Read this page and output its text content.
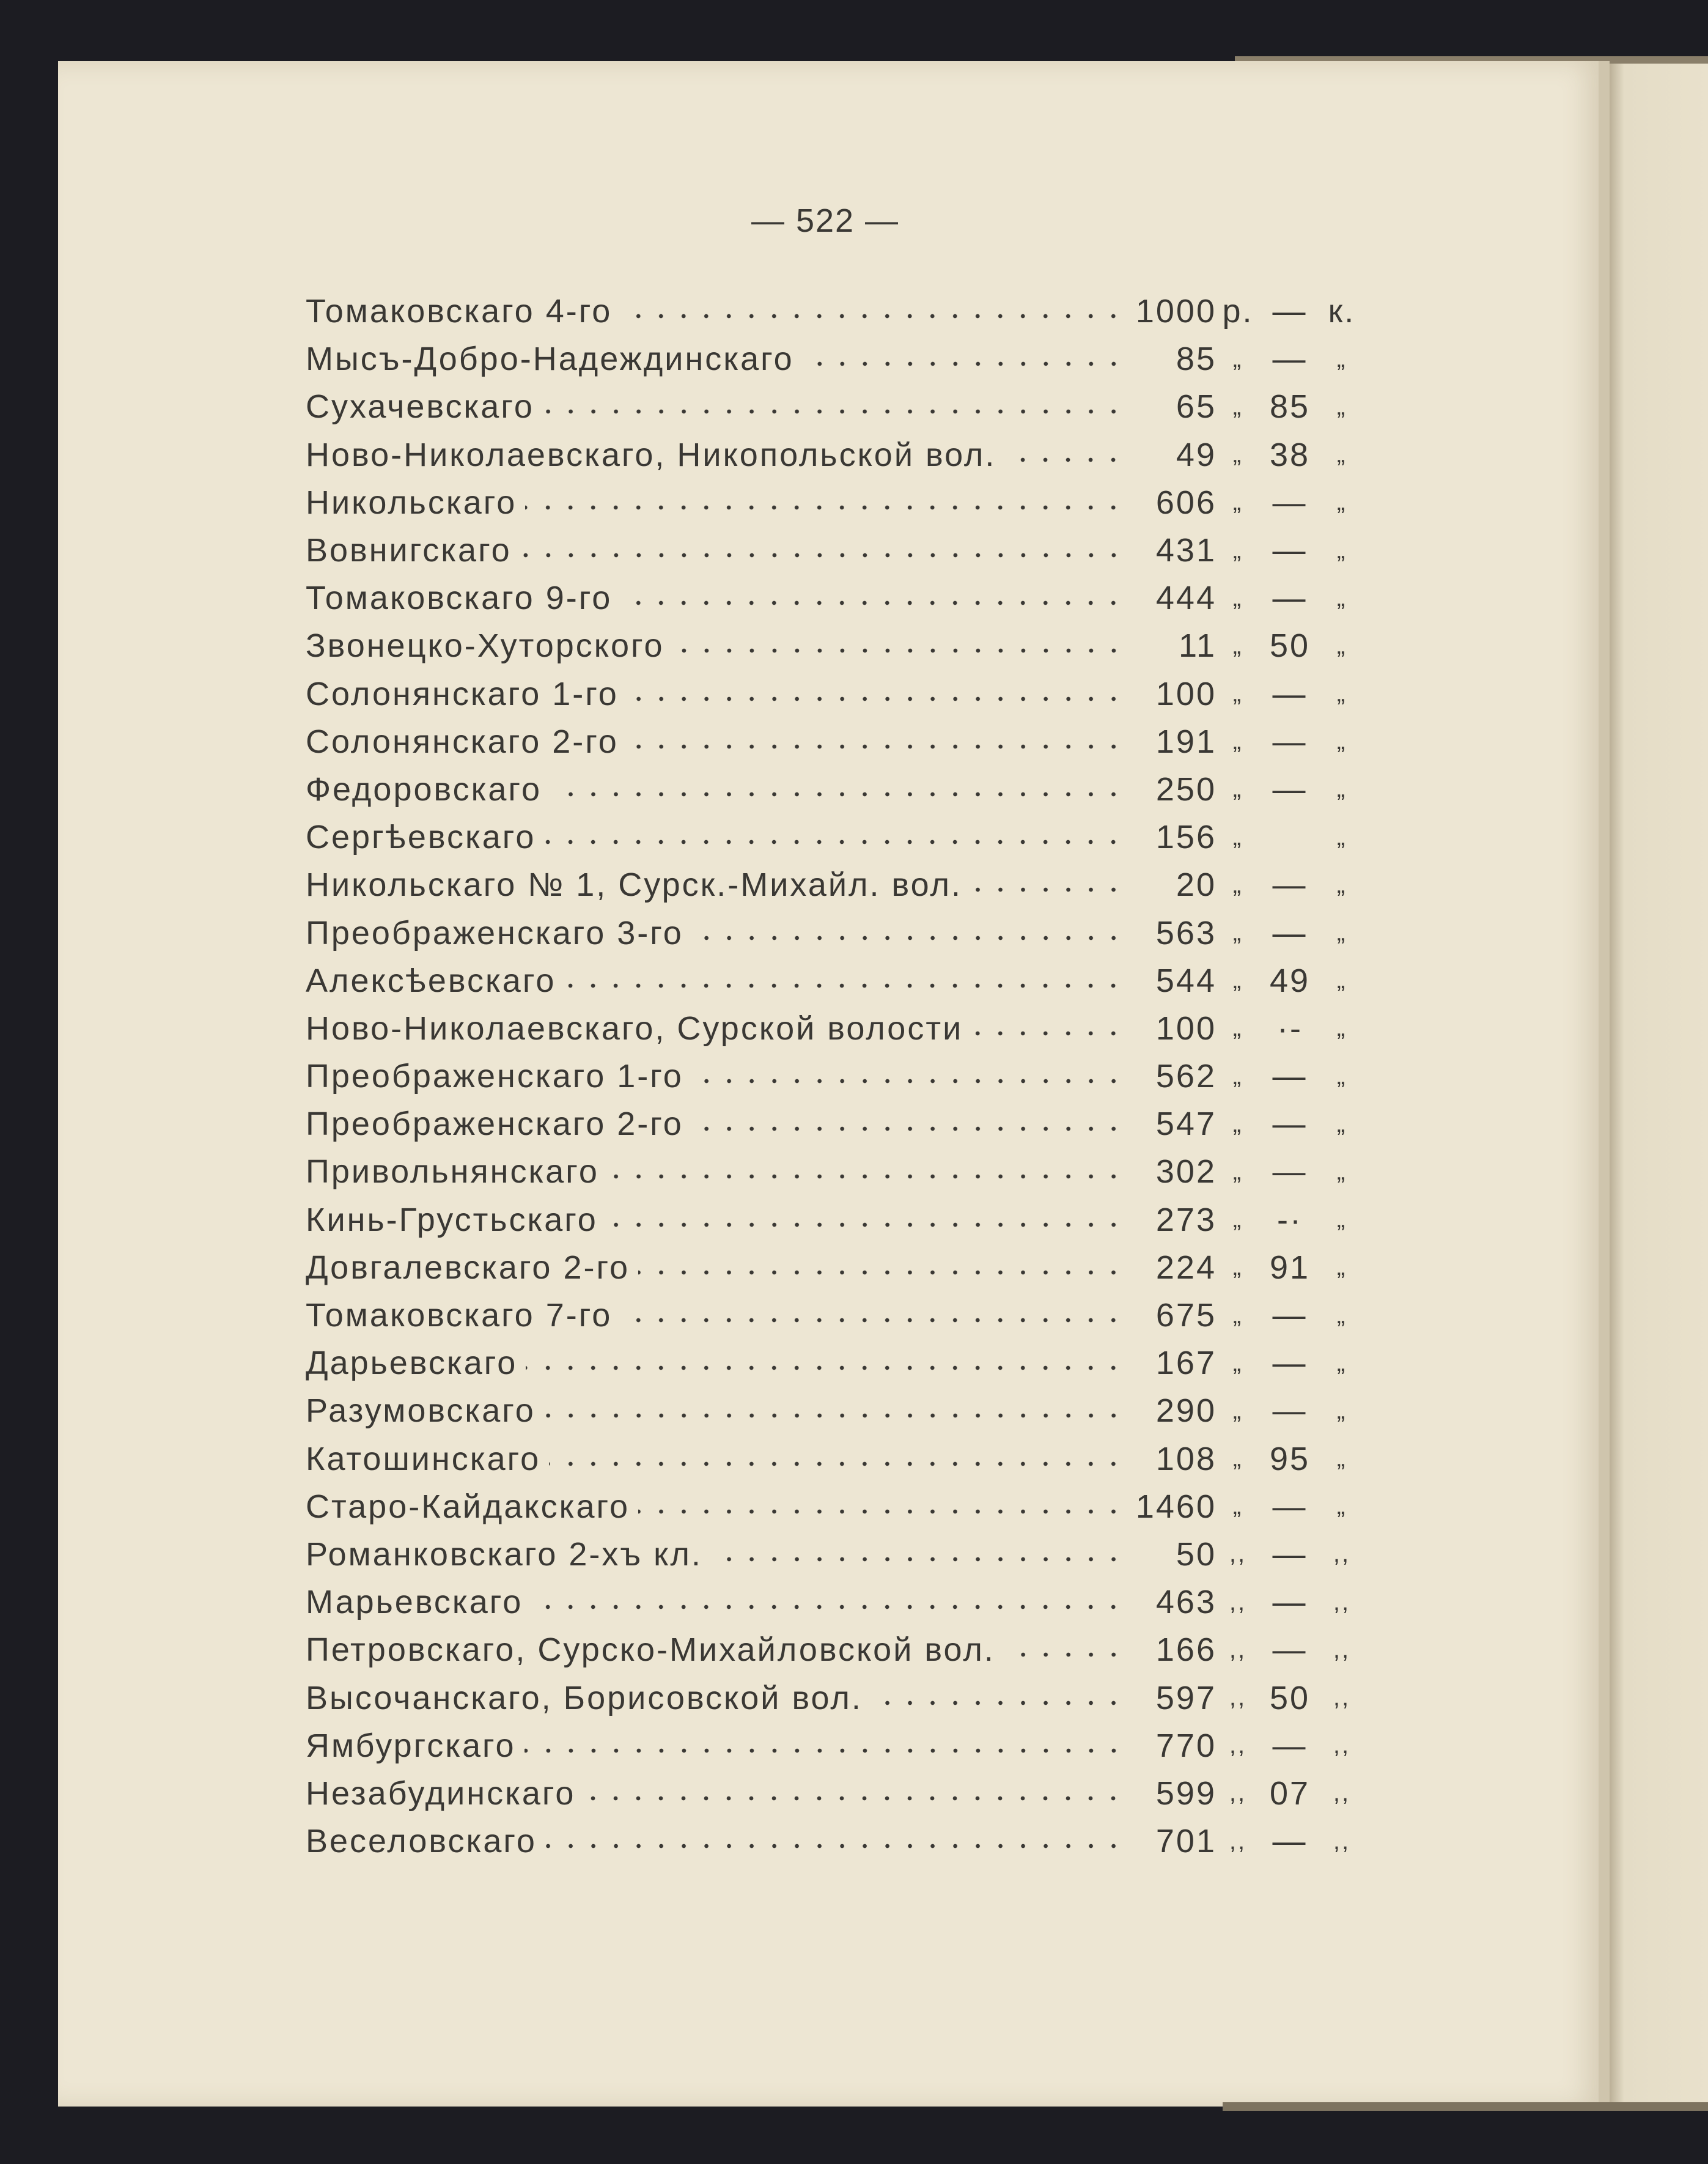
— 522 —
Томаковскаго 4-го	1000 р. — к.
Мысъ-Добро-Надеждинскаго	85 „ —	„
Сухачевскаго	65 „ 85	„
Ново-Николаевскаго, Никопольской вол.	49 „ 38	„
Никольскаго	606 „ —	„
Вовнигскаго	431 „ —	„
Томаковскаго 9-го	444 „ —	„
Звонецко-Хуторского	11 „ 50	„
Солонянскаго 1-го	100 „ —	„
Солонянскаго 2-го	191 „ —	„
Федоровскаго	250 „ —	„
Сергѣевскаго	156 „	„
Никольскаго № 1, Сурск.-Михайл. вол.	20 „ —	„
Преображенскаго 3-го	563 „ —	„
Алексѣевскаго	544 „ 49	„
Ново-Николаевскаго, Сурской волости	100 „	·-	„
Преображенскаго 1-го	562 „ —	„
Преображенскаго 2-го	547 „ —	„
Привольнянскаго	302 „ —	„
Кинь-Грустьскаго	273 „	-·	„
Довгалевскаго 2-го	224 „ 91	„
Томаковскаго 7-го	675 „ —	„
Дарьевскаго	167 „ —	„
Разумовскаго	290 „ —	„
Катошинскаго	108 „ 95	„
Старо-Кайдакскаго	1460 „ —	„
Романковскаго 2-хъ кл.	50 ,, —	,,
Марьевскаго	463 ,, —	,,
Петровскаго, Сурско-Михайловской вол.	166 ,, —	,,
Высочанскаго, Борисовской вол.	597 ,, 50 ,,
Ямбургскаго	770 ,, —	,,
Незабудинскаго	599 ,, 07 ,,
Веселовскаго	701 ,, —	,,
